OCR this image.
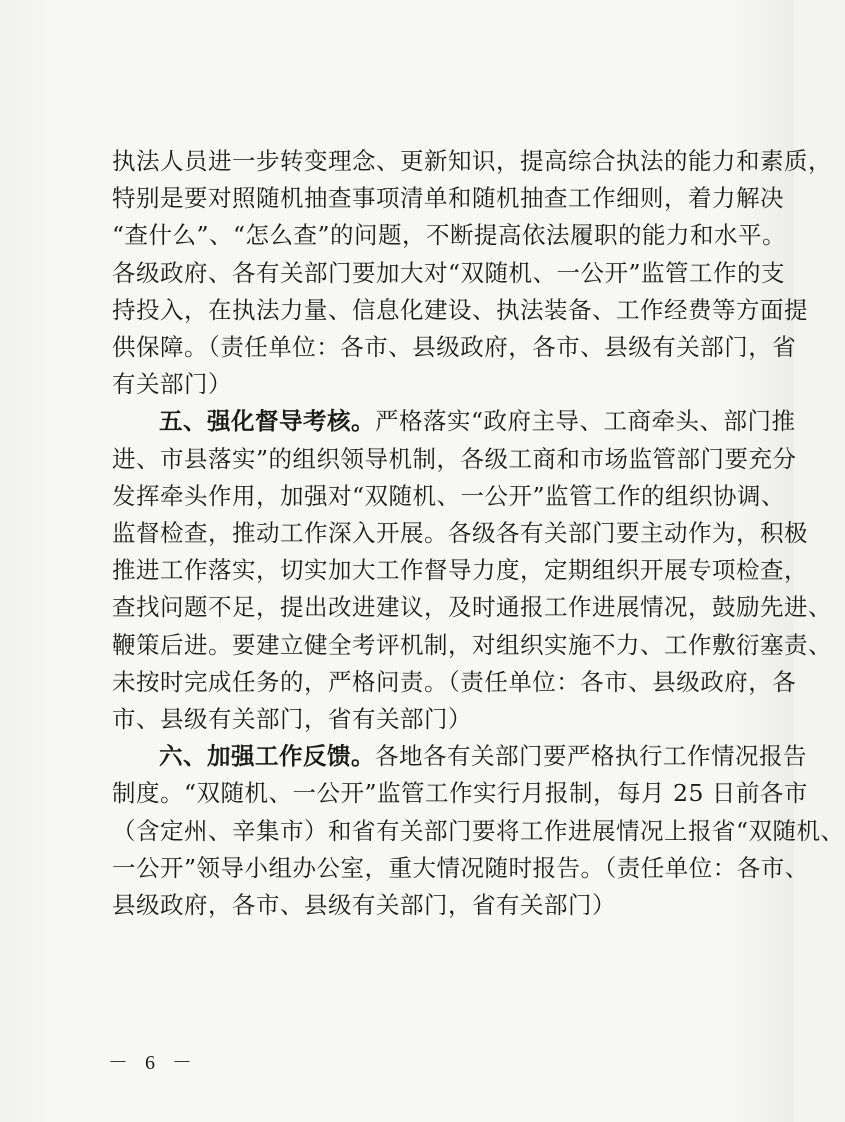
执法人员进一步转变理念、更新知识，提高综合执法的能力和素质，
特别是要对照随机抽查事项清单和随机抽查工作细则，着力解决
“查什么”、“怎么查”的问题，不断提高依法履职的能力和水平。
各级政府、各有关部门要加大对“双随机、一公开”监管工作的支
持投入，在执法力量、信息化建设、执法装备、工作经费等方面提
供保障。（责任单位：各市、县级政府，各市、县级有关部门，省
有关部门）
五、强化督导考核。严格落实“政府主导、工商牵头、部门推
进、市县落实”的组织领导机制，各级工商和市场监管部门要充分
发挥牵头作用，加强对“双随机、一公开”监管工作的组织协调、
监督检查，推动工作深入开展。各级各有关部门要主动作为，积极
推进工作落实，切实加大工作督导力度，定期组织开展专项检查，
查找问题不足，提出改进建议，及时通报工作进展情况，鼓励先进、
鞭策后进。要建立健全考评机制，对组织实施不力、工作敷衍塞责、
未按时完成任务的，严格问责。（责任单位：各市、县级政府，各
市、县级有关部门，省有关部门）
六、加强工作反馈。各地各有关部门要严格执行工作情况报告
制度。“双随机、一公开”监管工作实行月报制，每月 25 日前各市
（含定州、辛集市）和省有关部门要将工作进展情况上报省“双随机、
一公开”领导小组办公室，重大情况随时报告。（责任单位：各市、
县级政府，各市、县级有关部门，省有关部门）
－ 6 －
